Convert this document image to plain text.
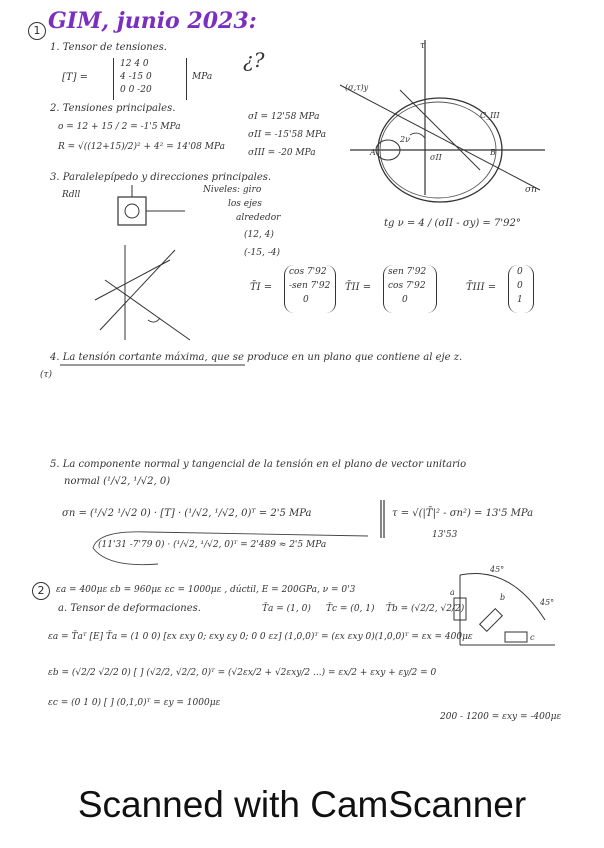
1 GIM, junio 2023:
¿?
1. Tensor de tensiones.
[T] =
12 4 0
4 -15 0
0 0 -20
MPa
2. Tensiones principales.
o = 12 + 15 / 2 = -1'5 MPa
R = √((12+15)/2)² + 4² = 14'08 MPa
σI = 12'58 MPa
σII = -15'58 MPa
σIII = -20 MPa
τ
σn
C_III
σII
(σ,τ)y
2ν
A	B
3. Paralelepípedo y direcciones principales.
Rdll	Niveles: giro
los ejes
alrededor
(12, 4)
(-15, -4)
tg ν = 4 / (σII - σy) = 7'92°
T̄I =
cos 7'92
-sen 7'92
0
T̄II =
sen 7'92
cos 7'92
0
T̄III =
0
0
1
4. La tensión cortante máxima, que se produce en un plano que contiene al eje z.
(τ)
5. La componente normal y tangencial de la tensión en el plano de vector unitario
normal (¹/√2, ¹/√2, 0)
σn = (¹/√2 ¹/√2 0) · [T] · (¹/√2, ¹/√2, 0)ᵀ = 2'5 MPa	τ = √(|T̄|² - σn²) = 13'5 MPa
13'53
(11'31 -7'79 0) · (¹/√2, ¹/√2, 0)ᵀ = 2'489 ≈ 2'5 MPa
2	εa = 400μɛ εb = 960με εc = 1000με , dúctil, E = 200GPa, ν = 0'3
a. Tensor de deformaciones.	T̄a = (1, 0) T̄c = (0, 1) T̄b = (√2/2, √2/2)
εa = T̄aᵀ [E] T̄a = (1 0 0) [εx εxy 0; εxy εy 0; 0 0 εz] (1,0,0)ᵀ = (εx εxy 0)(1,0,0)ᵀ = εx = 400με
εb = (√2/2 √2/2 0) [ ] (√2/2, √2/2, 0)ᵀ = (√2εx/2 + √2εxy/2 ...) = εx/2 + εxy + εy/2 = 0
εc = (0 1 0) [ ] (0,1,0)ᵀ = εy = 1000με
200 - 1200 = εxy = -400με
45°
45°
a
b
c
Scanned with CamScanner
